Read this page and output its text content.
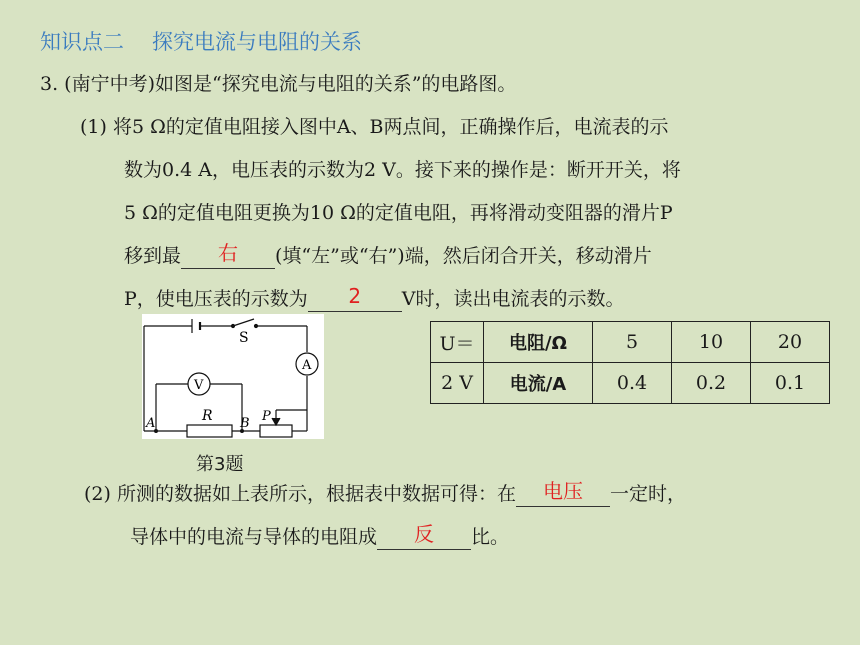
知识点二 探究电流与电阻的关系
3. (南宁中考)如图是“探究电流与电阻的关系”的电路图。
(1) 将5 Ω的定值电阻接入图中A、B两点间，正确操作后，电流表的示
数为0.4 A，电压表的示数为2 V。接下来的操作是：断开开关，将
5 Ω的定值电阻更换为10 Ω的定值电阻，再将滑动变阻器的滑片P
移到最	右	(填“左”或“右”)端，然后闭合开关，移动滑片
P，使电压表的示数为	2	V时，读出电流表的示数。
S
A
V
R
A	B P
第3题
U＝	电阻/Ω	5	10	20
2 V	电流/A	0.4	0.2	0.1
(2) 所测的数据如上表所示，根据表中数据可得：在	电压	一定时，
导体中的电流与导体的电阻成	反	比。
